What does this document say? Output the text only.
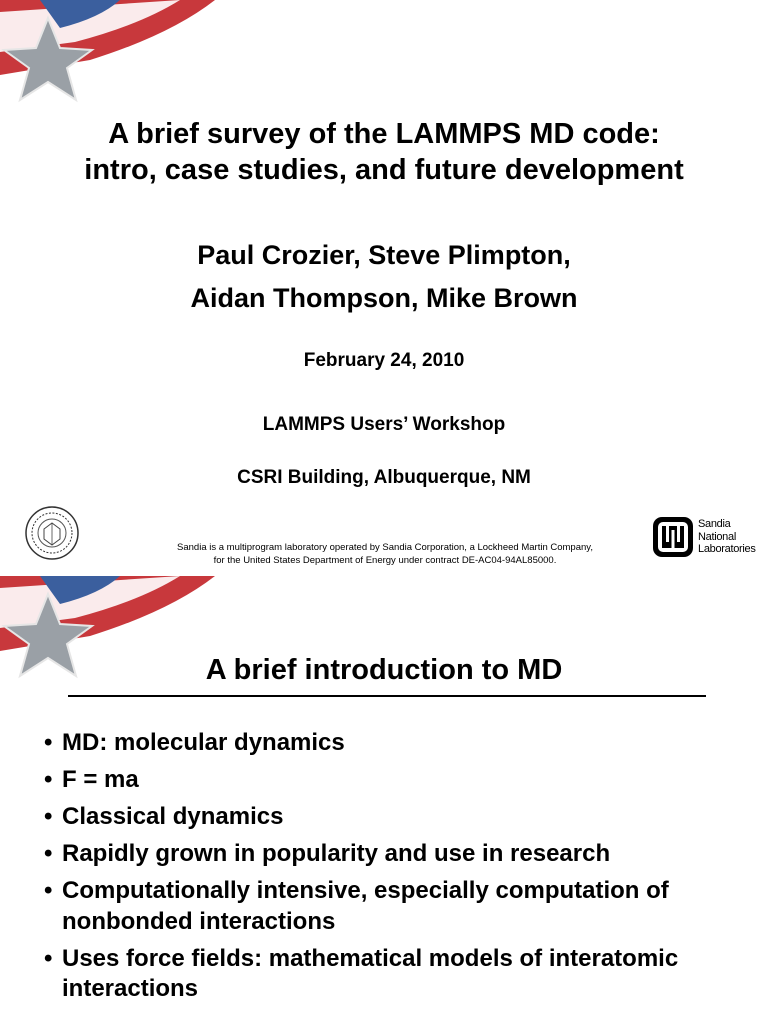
A brief survey of the LAMMPS MD code:
intro, case studies, and future development
Paul Crozier, Steve Plimpton,
Aidan Thompson, Mike Brown
February 24, 2010
LAMMPS Users’ Workshop
CSRI Building, Albuquerque, NM
Sandia is a multiprogram laboratory operated by Sandia Corporation, a Lockheed Martin Company,
for the United States Department of Energy under contract DE-AC04-94AL85000.
Sandia
National
Laboratories
A brief introduction to MD
• MD: molecular dynamics
• F = ma
• Classical dynamics
• Rapidly grown in popularity and use in research
• Computationally intensive, especially computation of nonbonded interactions
• Uses force fields: mathematical models of interatomic interactions
